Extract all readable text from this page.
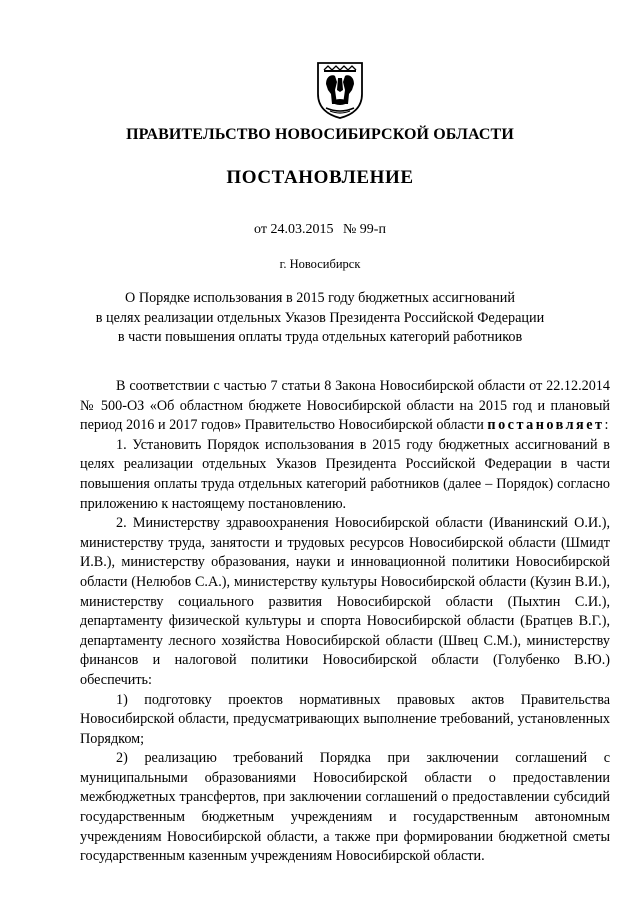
ПРАВИТЕЛЬСТВО НОВОСИБИРСКОЙ ОБЛАСТИ
ПОСТАНОВЛЕНИЕ
от 24.03.2015 № 99-п
г. Новосибирск
О Порядке использования в 2015 году бюджетных ассигнований
в целях реализации отдельных Указов Президента Российской Федерации
в части повышения оплаты труда отдельных категорий работников

В соответствии с частью 7 статьи 8 Закона Новосибирской области от 22.12.2014 № 500-ОЗ «Об областном бюджете Новосибирской области на 2015 год и плановый период 2016 и 2017 годов» Правительство Новосибирской области постановляет:

1. Установить Порядок использования в 2015 году бюджетных ассигнований в целях реализации отдельных Указов Президента Российской Федерации в части повышения оплаты труда отдельных категорий работников (далее – Порядок) согласно приложению к настоящему постановлению.

2. Министерству здравоохранения Новосибирской области (Иванинский О.И.), министерству труда, занятости и трудовых ресурсов Новосибирской области (Шмидт И.В.), министерству образования, науки и инновационной политики Новосибирской области (Нелюбов С.А.), министерству культуры Новосибирской области (Кузин В.И.), министерству социального развития Новосибирской области (Пыхтин С.И.), департаменту физической культуры и спорта Новосибирской области (Братцев В.Г.), департаменту лесного хозяйства Новосибирской области (Швец С.М.), министерству финансов и налоговой политики Новосибирской области (Голубенко В.Ю.) обеспечить:

1) подготовку проектов нормативных правовых актов Правительства Новосибирской области, предусматривающих выполнение требований, установленных Порядком;

2) реализацию требований Порядка при заключении соглашений с муниципальными образованиями Новосибирской области о предоставлении межбюджетных трансфертов, при заключении соглашений о предоставлении субсидий государственным бюджетным учреждениям и государственным автономным учреждениям Новосибирской области, а также при формировании бюджетной сметы государственным казенным учреждениям Новосибирской области.
